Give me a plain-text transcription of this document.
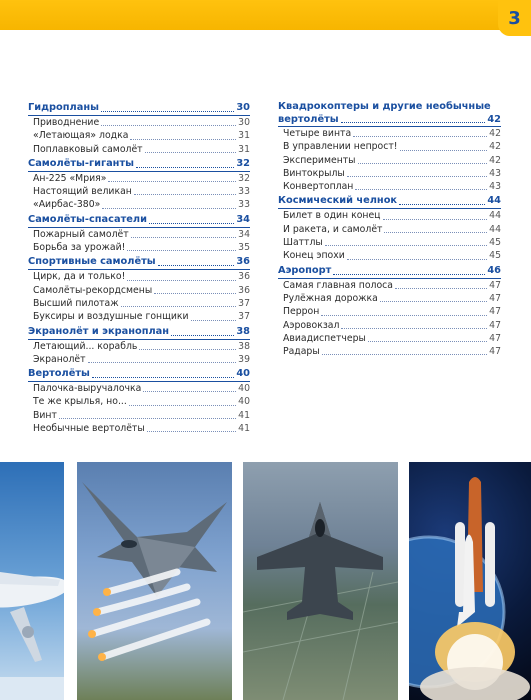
3
Гидропланы	30
Приводнение	30
«Летающая» лодка	31
Поплавковый самолёт	31
Самолёты-гиганты	32
Ан-225 «Мрия»	32
Настоящий великан	33
«Аирбас-380»	33
Самолёты-спасатели	34
Пожарный самолёт	34
Борьба за урожай!	35
Спортивные самолёты	36
Цирк, да и только!	36
Самолёты-рекордсмены	36
Высший пилотаж	37
Буксиры и воздушные гонщики	37
Экранолёт и экраноплан	38
Летающий... корабль	38
Экранолёт	39
Вертолёты	40
Палочка-выручалочка	40
Те же крылья, но...	40
Винт	41
Необычные вертолёты	41
Квадрокоптеры и другие необычные
вертолёты	42
Четыре винта	42
В управлении непрост!	42
Эксперименты	42
Винтокрылы	43
Конвертоплан	43
Космический челнок	44
Билет в один конец	44
И ракета, и самолёт	44
Шаттлы	45
Конец эпохи	45
Аэропорт	46
Самая главная полоса	47
Рулёжная дорожка	47
Перрон	47
Аэровокзал	47
Авиадиспетчеры	47
Радары	47
